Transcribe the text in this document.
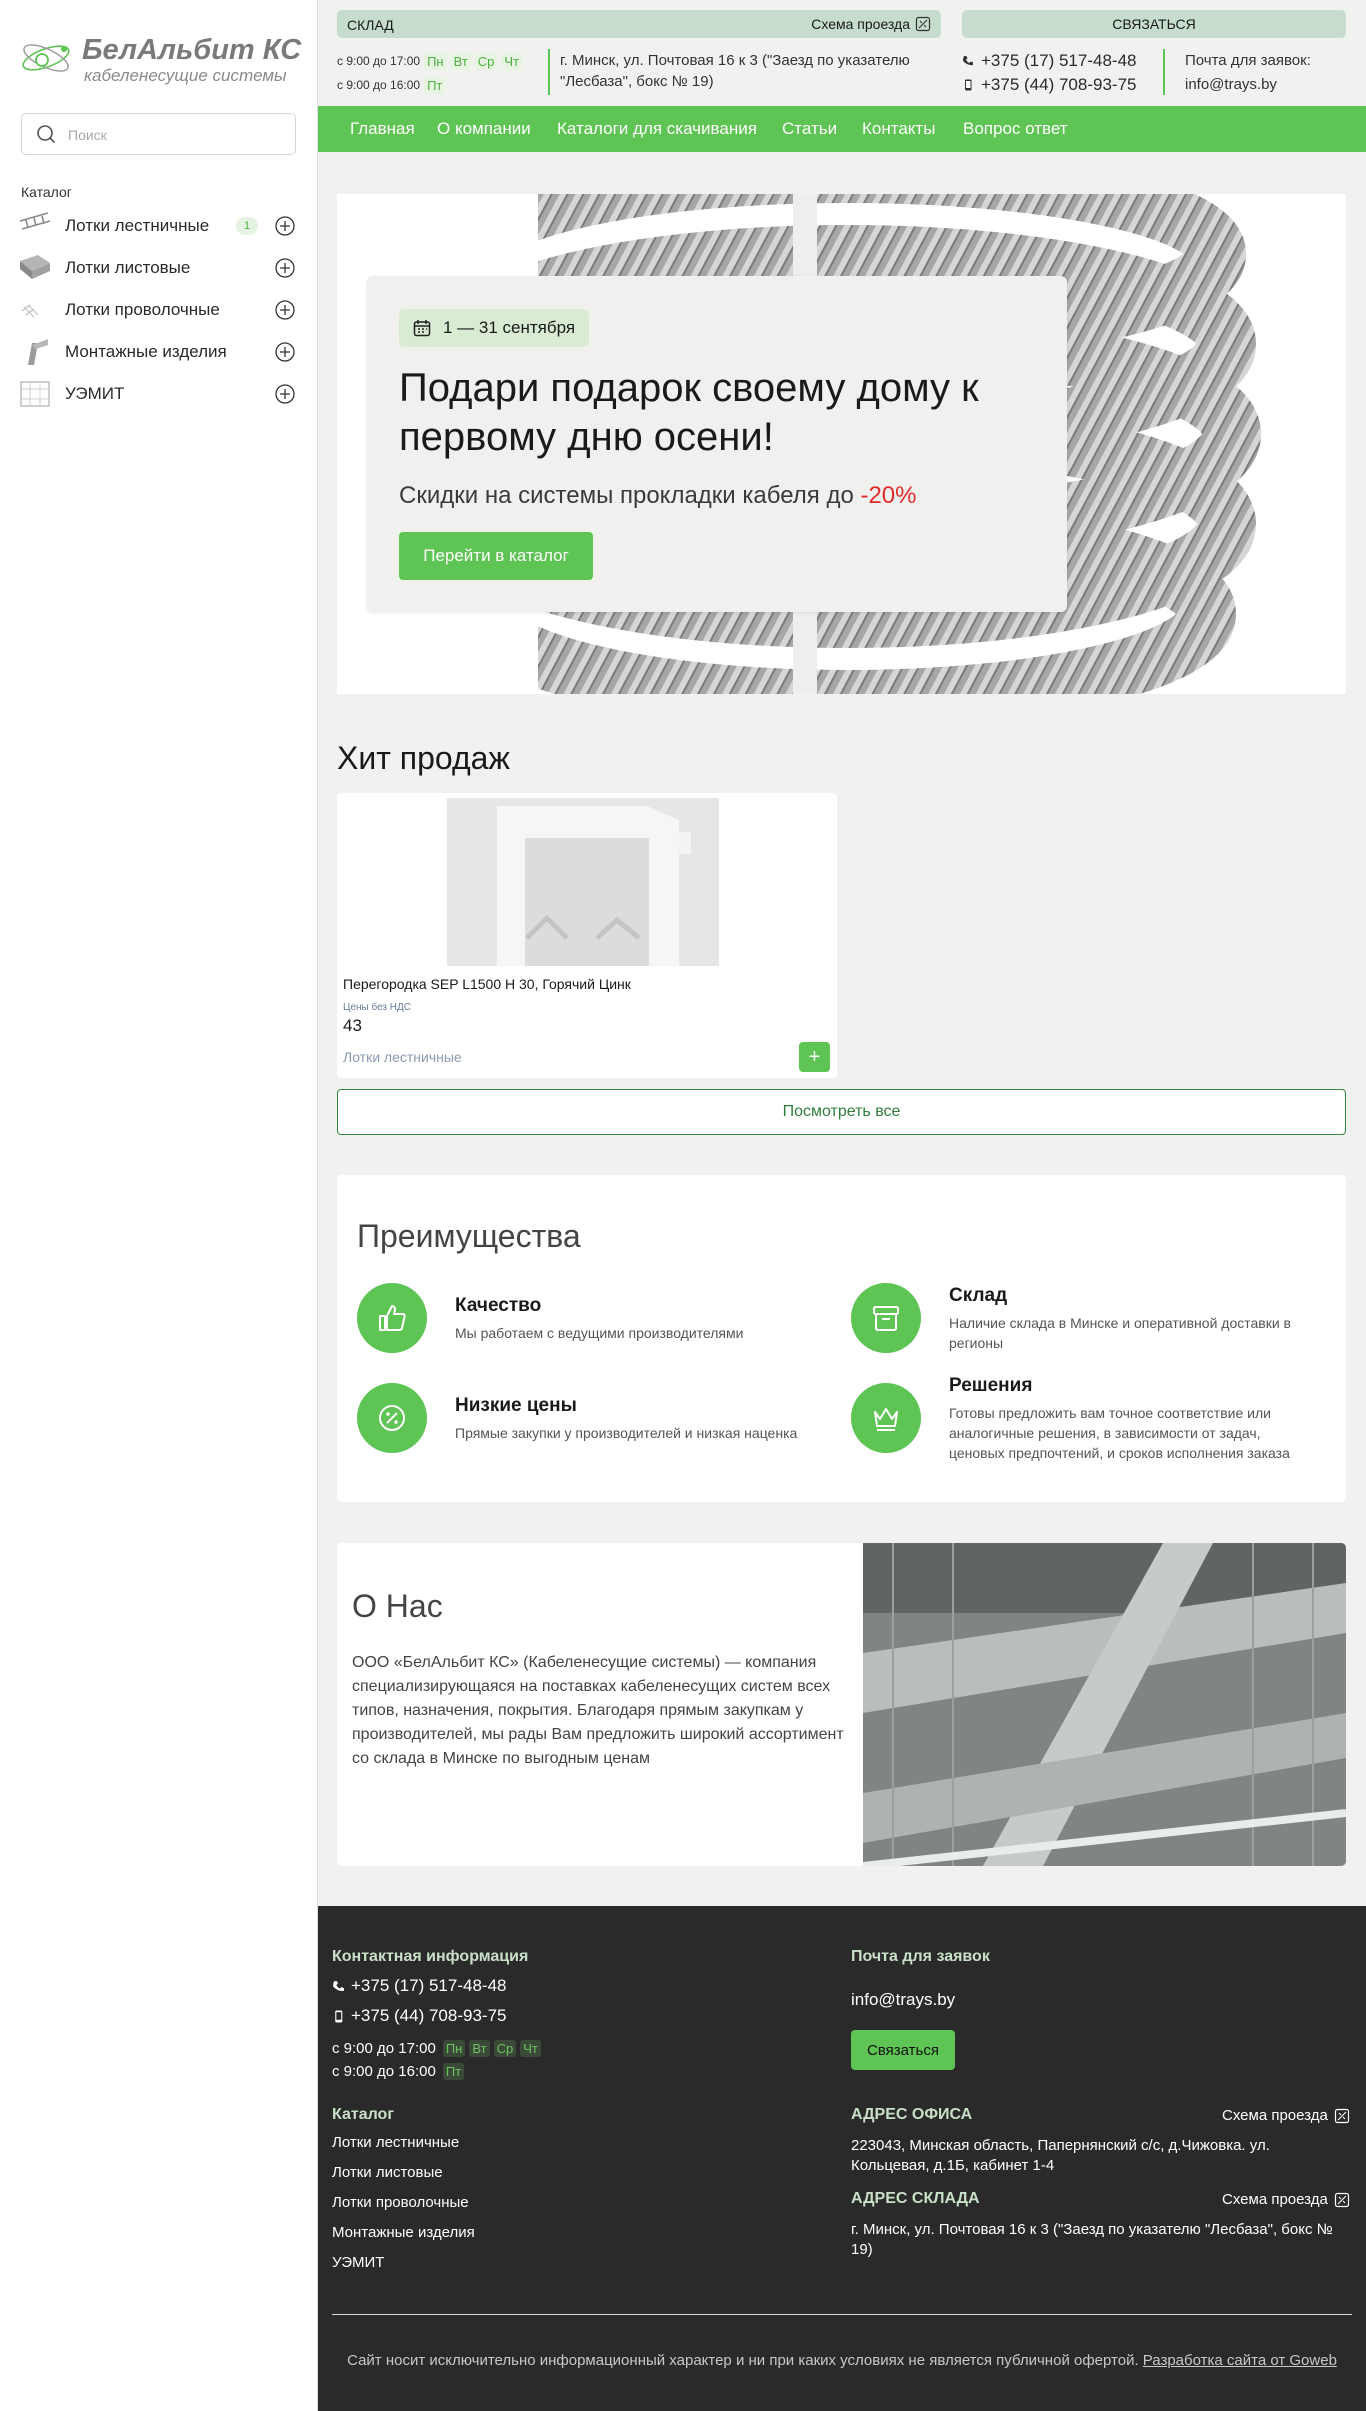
БелАльбит КС
кабеленесущие системы
Поиск
Каталог
Лотки лестничные	1
Лотки листовые
Лотки проволочные
Монтажные изделия
УЭМИТ
СКЛАД	Схема проезда	СВЯЗАТЬСЯ
с 9:00 до 17:00 Пн Вт Ср Чт
с 9:00 до 16:00 Пт
г. Минск, ул. Почтовая 16 к 3 ("Заезд по указателю "Лесбаза", бокс № 19)
+375 (17) 517-48-48
+375 (44) 708-93-75
Почта для заявок:
info@trays.by
Главная О компании Каталоги для скачивания Статьи Контакты Вопрос ответ
1 — 31 сентября
Подари подарок своему дому к первому дню осени!
Скидки на системы прокладки кабеля до -20%
Перейти в каталог
Хит продаж
Перегородка SEP L1500 H 30, Горячий Цинк
Цены без НДС
43
Лотки лестничные	+
Посмотреть все
Преимущества
Качество
Мы работаем с ведущими производителями
Склад
Наличие склада в Минске и оперативной доставки в регионы
Низкие цены
Прямые закупки у производителей и низкая наценка
Решения
Готовы предложить вам точное соответствие или аналогичные решения, в зависимости от задач, ценовых предпочтений, и сроков исполнения заказа
О Нас
ООО «БелАльбит КС» (Кабеленесущие системы) — компания специализирующаяся на поставках кабеленесущих систем всех типов, назначения, покрытия. Благодаря прямым закупкам у производителей, мы рады Вам предложить широкий ассортимент со склада в Минске по выгодным ценам
Контактная информация
+375 (17) 517-48-48
+375 (44) 708-93-75
с 9:00 до 17:00 Пн Вт Ср Чт
с 9:00 до 16:00 Пт
Каталог
Лотки лестничные
Лотки листовые
Лотки проволочные
Монтажные изделия
УЭМИТ
Почта для заявок
info@trays.by
Связаться
АДРЕС ОФИСА	Схема проезда
223043, Минская область, Папернянский с/с, д.Чижовка. ул. Кольцевая, д.1Б, кабинет 1-4
АДРЕС СКЛАДА	Схема проезда
г. Минск, ул. Почтовая 16 к 3 ("Заезд по указателю "Лесбаза", бокс № 19)
Сайт носит исключительно информационный характер и ни при каких условиях не является публичной офертой. Разработка сайта от Goweb
